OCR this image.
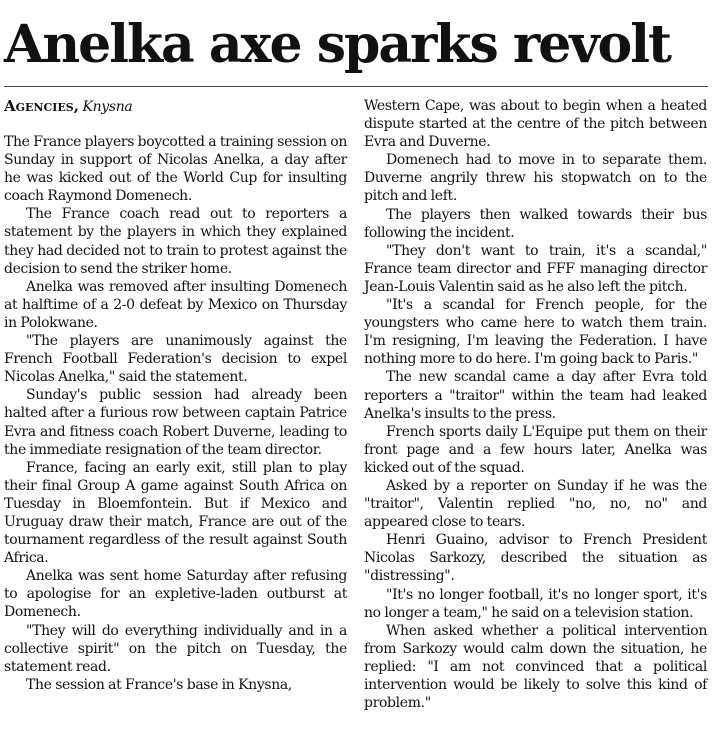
Anelka axe sparks revolt
Agencies, Knysna

The France players boycotted a training session on Sunday in support of Nicolas Anelka, a day after he was kicked out of the World Cup for insulting coach Raymond Domenech.

The France coach read out to reporters a statement by the players in which they explained they had decided not to train to protest against the decision to send the striker home.

Anelka was removed after insulting Domenech at halftime of a 2-0 defeat by Mexico on Thursday in Polokwane.

"The players are unanimously against the French Football Federation's decision to expel Nicolas Anelka," said the statement.

Sunday's public session had already been halted after a furious row between captain Patrice Evra and fitness coach Robert Duverne, leading to the immediate resignation of the team director.

France, facing an early exit, still plan to play their final Group A game against South Africa on Tuesday in Bloemfontein. But if Mexico and Uruguay draw their match, France are out of the tournament regardless of the result against South Africa.

Anelka was sent home Saturday after refusing to apologise for an expletive-laden outburst at Domenech.

"They will do everything individually and in a collective spirit" on the pitch on Tuesday, the statement read.

The session at France's base in Knysna,

Western Cape, was about to begin when a heated dispute started at the centre of the pitch between Evra and Duverne.

Domenech had to move in to separate them. Duverne angrily threw his stopwatch on to the pitch and left.

The players then walked towards their bus following the incident.

"They don't want to train, it's a scandal," France team director and FFF managing director Jean-Louis Valentin said as he also left the pitch.

"It's a scandal for French people, for the youngsters who came here to watch them train. I'm resigning, I'm leaving the Federation. I have nothing more to do here. I'm going back to Paris."

The new scandal came a day after Evra told reporters a "traitor" within the team had leaked Anelka's insults to the press.

French sports daily L'Equipe put them on their front page and a few hours later, Anelka was kicked out of the squad.

Asked by a reporter on Sunday if he was the "traitor", Valentin replied "no, no, no" and appeared close to tears.

Henri Guaino, advisor to French President Nicolas Sarkozy, described the situation as "distressing".

"It's no longer football, it's no longer sport, it's no longer a team," he said on a television station.

When asked whether a political intervention from Sarkozy would calm down the situation, he replied: "I am not convinced that a political intervention would be likely to solve this kind of problem."
